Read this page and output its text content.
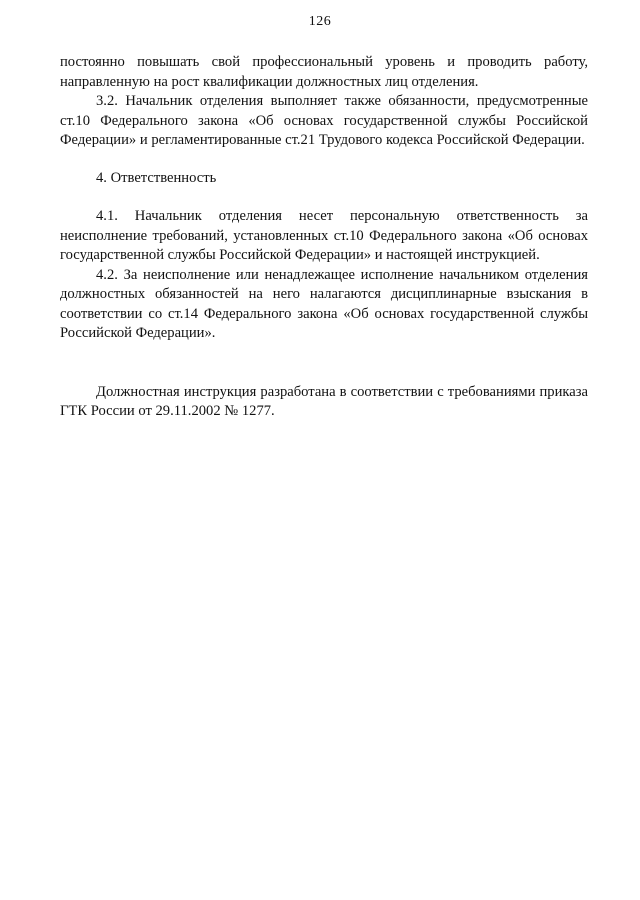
126

постоянно повышать свой профессиональный уровень и проводить работу, направленную на рост квалификации должностных лиц отделения.

3.2. Начальник отделения выполняет также обязанности, предусмотренные ст.10 Федерального закона «Об основах государственной службы Российской Федерации» и регламентированные ст.21 Трудового кодекса Российской Федерации.

4. Ответственность

4.1. Начальник отделения несет персональную ответственность за неисполнение требований, установленных ст.10 Федерального закона «Об основах государственной службы Российской Федерации» и настоящей инструкцией.

4.2. За неисполнение или ненадлежащее исполнение начальником отделения должностных обязанностей на него налагаются дисциплинарные взыскания в соответствии со ст.14 Федерального закона «Об основах государственной службы Российской Федерации».

Должностная инструкция разработана в соответствии с требованиями приказа ГТК России от 29.11.2002 № 1277.
